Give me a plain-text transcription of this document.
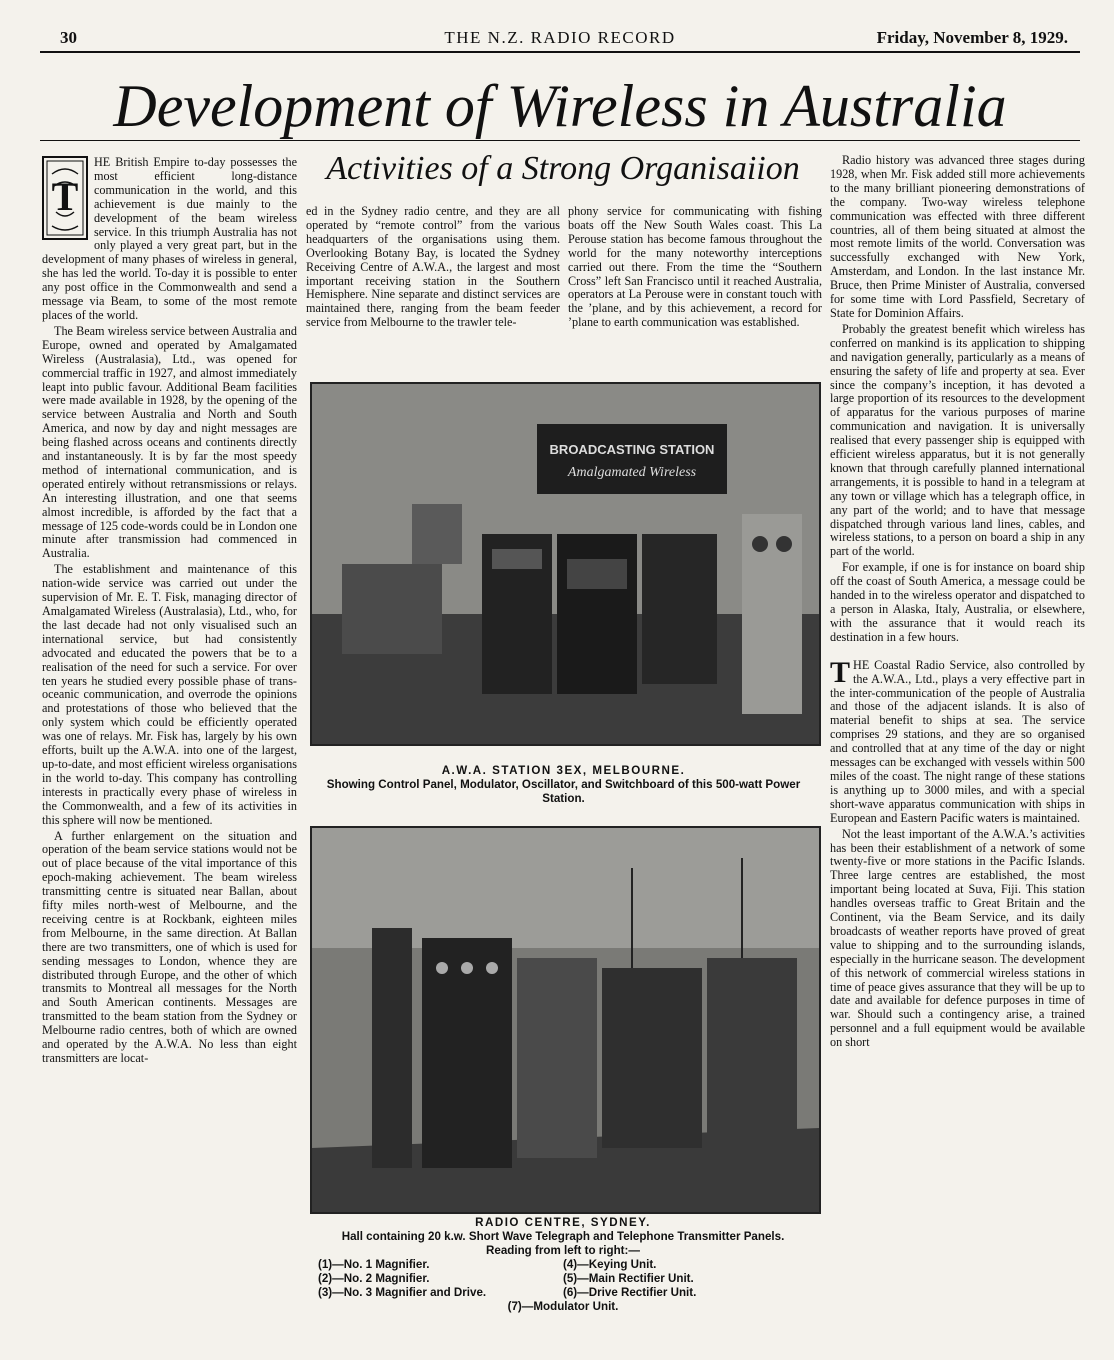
30	THE N.Z. RADIO RECORD	Friday, November 8, 1929.
Development of Wireless in Australia
Activities of a Strong Organisaiion
T

HE British Empire to-day possesses the most efficient long-distance communication in the world, and this achievement is due mainly to the development of the beam wireless service. In this triumph Australia has not only played a very great part, but in the development of many phases of wireless in general, she has led the world. To-day it is possible to enter any post office in the Commonwealth and send a message via Beam, to some of the most remote places of the world.

The Beam wireless service between Australia and Europe, owned and operated by Amalgamated Wireless (Australasia), Ltd., was opened for commercial traffic in 1927, and almost immediately leapt into public favour. Additional Beam facilities were made available in 1928, by the opening of the service between Australia and North and South America, and now by day and night messages are being flashed across oceans and continents directly and instantaneously. It is by far the most speedy method of international communication, and is operated entirely without retransmissions or relays. An interesting illustration, and one that seems almost incredible, is afforded by the fact that a message of 125 code-words could be in London one minute after transmission had commenced in Australia.

The establishment and maintenance of this nation-wide service was carried out under the supervision of Mr. E. T. Fisk, managing director of Amalgamated Wireless (Australasia), Ltd., who, for the last decade had not only visualised such an international service, but had consistently advocated and educated the powers that be to a realisation of the need for such a service. For over ten years he studied every possible phase of trans-oceanic communication, and overrode the opinions and protestations of those who believed that the only system which could be efficiently operated was one of relays. Mr. Fisk has, largely by his own efforts, built up the A.W.A. into one of the largest, up-to-date, and most efficient wireless organisations in the world to-day. This company has controlling interests in practically every phase of wireless in the Commonwealth, and a few of its activities in this sphere will now be mentioned.

A further enlargement on the situation and operation of the beam service stations would not be out of place because of the vital importance of this epoch-making achievement. The beam wireless transmitting centre is situated near Ballan, about fifty miles north-west of Melbourne, and the receiving centre is at Rockbank, eighteen miles from Melbourne, in the same direction. At Ballan there are two transmitters, one of which is used for sending messages to London, whence they are distributed through Europe, and the other of which transmits to Montreal all messages for the North and South American continents. Messages are transmitted to the beam station from the Sydney or Melbourne radio centres, both of which are owned and operated by the A.W.A. No less than eight transmitters are locat-

ed in the Sydney radio centre, and they are all operated by “remote control” from the various headquarters of the organisations using them. Overlooking Botany Bay, is located the Sydney Receiving Centre of A.W.A., the largest and most important receiving station in the Southern Hemisphere. Nine separate and distinct services are maintained there, ranging from the beam feeder service from Melbourne to the trawler tele-

phony service for communicating with fishing boats off the New South Wales coast. This La Perouse station has become famous throughout the world for the many noteworthy interceptions carried out there. From the time the “Southern Cross” left San Francisco until it reached Australia, operators at La Perouse were in constant touch with the ’plane, and by this achievement, a record for ’plane to earth communication was established.

BROADCASTING STATION
Amalgamated Wireless
A.W.A. STATION 3EX, MELBOURNE.
Showing Control Panel, Modulator, Oscillator, and Switchboard of this 500-watt Power Station.
RADIO CENTRE, SYDNEY.
Hall containing 20 k.w. Short Wave Telegraph and Telephone Transmitter Panels. Reading from left to right:—
(1)—No. 1 Magnifier.	(4)—Keying Unit.
(2)—No. 2 Magnifier.	(5)—Main Rectifier Unit.
(3)—No. 3 Magnifier and Drive.	(6)—Drive Rectifier Unit.
(7)—Modulator Unit.

Radio history was advanced three stages during 1928, when Mr. Fisk added still more achievements to the many brilliant pioneering demonstrations of the company. Two-way wireless telephone communication was effected with three different countries, all of them being situated at almost the most remote limits of the world. Conversation was successfully exchanged with New York, Amsterdam, and London. In the last instance Mr. Bruce, then Prime Minister of Australia, conversed for some time with Lord Passfield, Secretary of State for Dominion Affairs.

Probably the greatest benefit which wireless has conferred on mankind is its application to shipping and navigation generally, particularly as a means of ensuring the safety of life and property at sea. Ever since the company’s inception, it has devoted a large proportion of its resources to the development of apparatus for the various purposes of marine communication and navigation. It is universally realised that every passenger ship is equipped with efficient wireless apparatus, but it is not generally known that through carefully planned international arrangements, it is possible to hand in a telegram at any town or village which has a telegraph office, in any part of the world; and to have that message dispatched through various land lines, cables, and wireless stations, to a person on board a ship in any part of the world.

For example, if one is for instance on board ship off the coast of South America, a message could be handed in to the wireless operator and dispatched to a person in Alaska, Italy, Australia, or elsewhere, with the assurance that it would reach its destination in a few hours.

THE Coastal Radio Service, also controlled by the A.W.A., Ltd., plays a very effective part in the inter-communication of the people of Australia and those of the adjacent islands. It is also of material benefit to ships at sea. The service comprises 29 stations, and they are so organised and controlled that at any time of the day or night messages can be exchanged with vessels within 500 miles of the coast. The night range of these stations is anything up to 3000 miles, and with a special short-wave apparatus communication with ships in European and Eastern Pacific waters is maintained.

Not the least important of the A.W.A.’s activities has been their establishment of a network of some twenty-five or more stations in the Pacific Islands. Three large centres are established, the most important being located at Suva, Fiji. This station handles overseas traffic to Great Britain and the Continent, via the Beam Service, and its daily broadcasts of weather reports have proved of great value to shipping and to the surrounding islands, especially in the hurricane season. The development of this network of commercial wireless stations in time of peace gives assurance that they will be up to date and available for defence purposes in time of war. Should such a contingency arise, a trained personnel and a full equipment would be available on short
